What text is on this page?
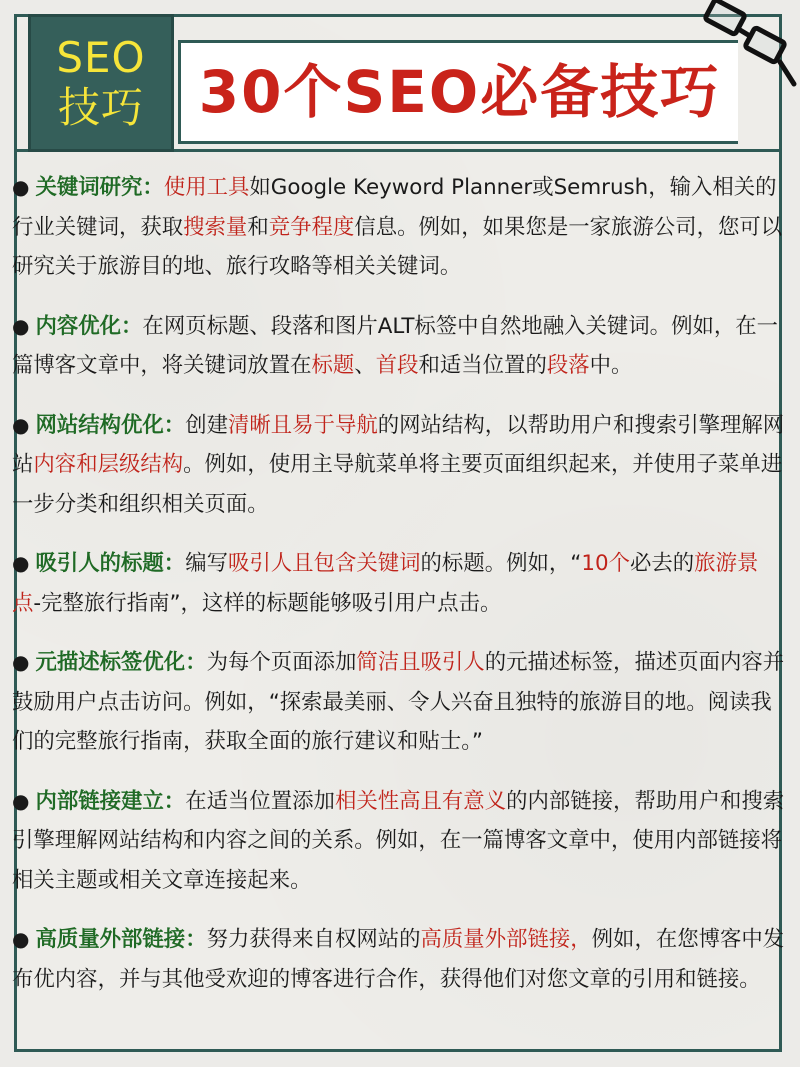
SEO
技巧 30个SEO必备技巧

● 关键词研究：使用工具如Google Keyword Planner或Semrush，输入相关的行业关键词，获取搜索量和竞争程度信息。例如，如果您是一家旅游公司，您可以研究关于旅游目的地、旅行攻略等相关关键词。

● 内容优化：在网页标题、段落和图片ALT标签中自然地融入关键词。例如，在一篇博客文章中，将关键词放置在标题、首段和适当位置的段落中。

● 网站结构优化：创建清晰且易于导航的网站结构，以帮助用户和搜索引擎理解网站内容和层级结构。例如，使用主导航菜单将主要页面组织起来，并使用子菜单进一步分类和组织相关页面。

● 吸引人的标题：编写吸引人且包含关键词的标题。例如，“10个必去的旅游景点-完整旅行指南”，这样的标题能够吸引用户点击。

● 元描述标签优化：为每个页面添加简洁且吸引人的元描述标签，描述页面内容并鼓励用户点击访问。例如，“探索最美丽、令人兴奋且独特的旅游目的地。阅读我们的完整旅行指南，获取全面的旅行建议和贴士。”

● 内部链接建立：在适当位置添加相关性高且有意义的内部链接，帮助用户和搜索引擎理解网站结构和内容之间的关系。例如，在一篇博客文章中，使用内部链接将相关主题或相关文章连接起来。

● 高质量外部链接：努力获得来自权网站的高质量外部链接，例如，在您博客中发布优内容，并与其他受欢迎的博客进行合作，获得他们对您文章的引用和链接。
